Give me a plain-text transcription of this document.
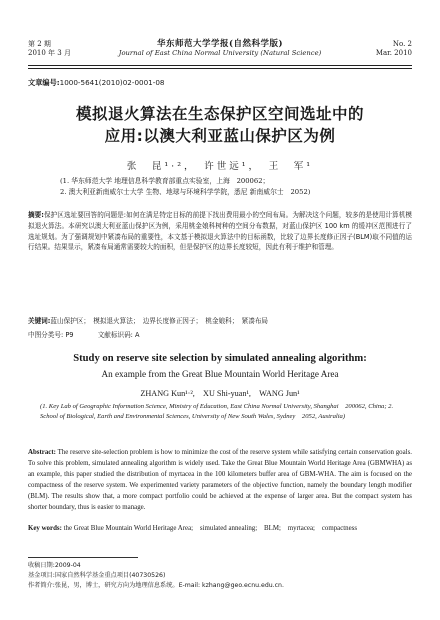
第 2 期
2010 年 3 月
华东师范大学学报(自然科学版)
Journal of East China Normal University (Natural Science)
No. 2
Mar. 2010
文章编号:1000-5641(2010)02-0001-08
模拟退火算法在生态保护区空间选址中的
应用:以澳大利亚蓝山保护区为例
张　昆¹·²，　许世远¹，　王　军¹
(1. 华东师范大学 地理信息科学教育部重点实验室，上海　200062；
2. 澳大利亚新南威尔士大学 生物、地球与环境科学学院，悉尼 新南威尔士　2052)
摘要:保护区选址要回答的问题是:如何在满足特定目标的前提下找出费用最小的空间布局。为解决这个问题，较多的是使用计算机模拟退火算法。本研究以澳大利亚蓝山保护区为例，采用桃金娘科树种的空间分布数据，对蓝山保护区 100 km 的缓冲区范围进行了选址规划。为了强调规划中紧凑布局的重要性，本文基于模拟退火算法中的目标函数，比较了边界长度修正因子(BLM)取不同值的运行结果。结果显示，紧凑布局通常需要较大的面积，但是保护区的边界长度较短，因此有利于维护和管理。
关键词:蓝山保护区；　模拟退火算法；　边界长度修正因子；　桃金娘科；　紧凑布局
中图分类号: P9	文献标识码: A
Study on reserve site selection by simulated annealing algorithm:
An example from the Great Blue Mountain World Heritage Area
ZHANG Kun¹·²,　XU Shi-yuan¹,　WANG Jun¹
(1. Key Lab of Geographic Information Science, Ministry of Education, East China Normal University, Shanghai　200062, China; 2. School of Biological, Earth and Environmental Sciences, University of New South Wales, Sydney　2052, Australia)
Abstract: The reserve site-selection problem is how to minimize the cost of the reserve system while satisfying certain conservation goals. To solve this problem, simulated annealing algorithm is widely used. Take the Great Blue Mountain World Heritage Area (GBMWHA) as an example, this paper studied the distribution of myrtacea in the 100 kilometers buffer area of GBM-WHA. The aim is focused on the compactness of the reserve system. We experimented variety parameters of the objective function, namely the boundary length modifier (BLM). The results show that, a more compact portfolio could be achieved at the expense of larger area. But the compact system has shorter boundary, thus is easier to manage.
Key words: the Great Blue Mountain World Heritage Area;　simulated annealing;　BLM;　myrtacea;　compactness
收稿日期:2009-04
基金项目:国家自然科学基金重点项目(40730526)
作者简介:张昆，男，博士，研究方向为地理信息系统。E-mail: kzhang@geo.ecnu.edu.cn.
